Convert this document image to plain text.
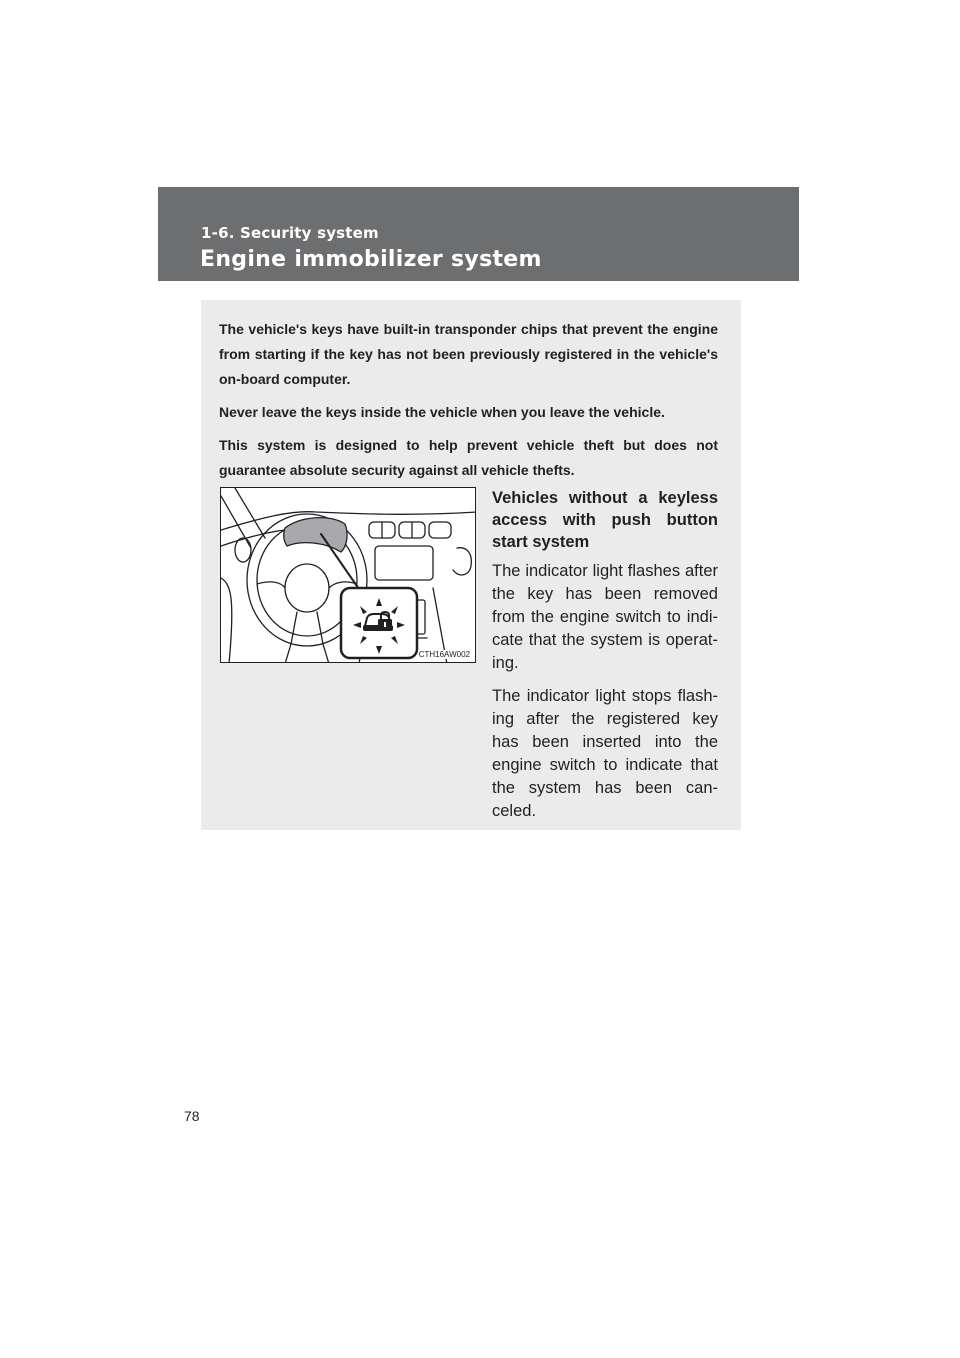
1-6. Security system
Engine immobilizer system

The vehicle's keys have built-in transponder chips that prevent the engine from starting if the key has not been previously registered in the vehicle's on-board computer.

Never leave the keys inside the vehicle when you leave the vehicle.

This system is designed to help prevent vehicle theft but does not guarantee absolute security against all vehicle thefts.

CTH16AW002
Vehicles without a keyless access with push button start system

The indicator light flashes after the key has been removed from the engine switch to indi-cate that the system is operat-ing.

The indicator light stops flash-ing after the registered key has been inserted into the engine switch to indicate that the system has been can-celed.

78
